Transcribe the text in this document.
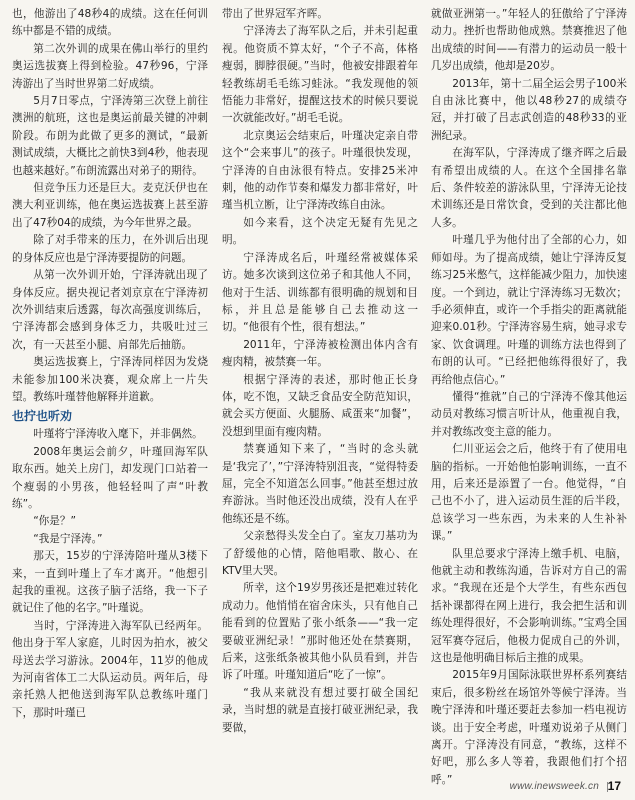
也，他游出了48秒4的成绩。这在任何训练中都是不错的成绩。

第二次外训的成果在佛山举行的里约奥运选拔赛上得到检验。47秒96，宁泽涛游出了当时世界第二好成绩。

5月7日零点，宁泽涛第三次登上前往澳洲的航班，这也是奥运前最关键的冲刺阶段。布朗为此做了更多的测试，“最新测试成绩，大概比之前快3到4秒，他表现也越来越好。”布朗流露出对弟子的期待。

但竞争压力还是巨大。麦克沃伊也在澳大利亚训练，他在奥运选拔赛上甚至游出了47秒04的成绩，为今年世界之最。

除了对手带来的压力，在外训后出现的身体反应也是宁泽涛要提防的问题。

从第一次外训开始，宁泽涛就出现了身体反应。据央视记者刘京京在宁泽涛初次外训结束后透露，每次高强度训练后，宁泽涛都会感到身体乏力，共吸吐过三次，有一天甚至小腿、肩部先后抽筋。

奥运选拔赛上，宁泽涛同样因为发烧未能参加100米决赛，观众席上一片失望。教练叶瑾替他解释并道歉。

也拧也听劝

叶瑾将宁泽涛收入麾下，并非偶然。

2008年奥运会前夕，叶瑾回海军队取东西。她关上房门，却发现门口站着一个瘦弱的小男孩，他轻轻叫了声“叶教练”。

“你是？”

“我是宁泽涛。”

那天，15岁的宁泽涛陪叶瑾从3楼下来，一直到叶瑾上了车才离开。“他想引起我的重视。这孩子脑子活络，我一下子就记住了他的名字。”叶瑾说。

当时，宁泽涛进入海军队已经两年。他出身于军人家庭，儿时因为拍水，被父母送去学习游泳。2004年，11岁的他成为河南省体工二大队运动员。两年后，母亲托熟人把他送到海军队总教练叶瑾门下，那时叶瑾已

带出了世界冠军齐晖。

宁泽涛去了海军队之后，并未引起重视。他资质不算太好，“个子不高，体格瘦弱，脚脖很硬。”当时，他被安排跟着年轻教练胡毛毛练习蛙泳。“我发现他的领悟能力非常好，提醒这技术的时候只要说一次就能改好。”胡毛毛说。

北京奥运会结束后，叶瑾决定亲自带这个“会来事儿”的孩子。叶瑾很快发现，宁泽涛的自由泳很有特点。安排25米冲刺，他的动作节奏和爆发力都非常好，叶瑾当机立断，让宁泽涛改练自由泳。

如今来看，这个决定无疑有先见之明。

宁泽涛成名后，叶瑾经常被媒体采访。她多次谈到这位弟子和其他人不同，他对于生活、训练都有很明确的规划和目标，并且总是能够自己去推动这一切。“他很有个性，很有想法。”

2011年，宁泽涛被检测出体内含有瘦肉精，被禁赛一年。

根据宁泽涛的表述，那时他正长身体，吃不饱，又缺乏食品安全防范知识，就会买方便面、火腿肠、咸蛋来“加餐”，没想到里面有瘦肉精。

禁赛通知下来了，“当时的念头就是‘我完了’，”宁泽涛特别沮丧，“觉得特委屈，完全不知道怎么回事。”他甚至想过放弃游泳。当时他还没出成绩，没有人在乎他练还是不练。

父亲愁得头发全白了。室友刀基功为了舒缓他的心情，陪他唱歌、散心、在KTV里大哭。

所幸，这个19岁男孩还是把难过转化成动力。他悄悄在宿舍床头，只有他自己能看到的位置贴了张小纸条——“我一定要破亚洲纪录！”那时他还处在禁赛期，后来，这张纸条被其他小队员看到，并告诉了叶瑾。叶瑾知道后“吃了一惊”。

“我从来就没有想过要打破全国纪录，当时想的就是直接打破亚洲纪录，我要做，

就做亚洲第一。”年轻人的狂傲给了宁泽涛动力。挫折也帮助他成熟。禁赛推迟了他出成绩的时间——有潜力的运动员一般十几岁出成绩，他却是20岁。

2013年，第十二届全运会男子100米自由泳比赛中，他以48秒27的成绩夺冠，并打破了吕志武创造的48秒33的亚洲纪录。

在海军队，宁泽涛成了继齐晖之后最有希望出成绩的人。在这个全国排名靠后、条件较差的游泳队里，宁泽涛无论技术训练还是日常饮食，受到的关注都比他人多。

叶瑾几乎为他付出了全部的心力，如师如母。为了提高成绩，她让宁泽涛反复练习25米憋气，这样能减少阻力，加快速度。一个到边，就让宁泽涛练习无数次；手必须伸直，或许一个手指尖的距离就能迎来0.01秒。宁泽涛容易生病，她寻求专家、饮食调理。叶瑾的训练方法也得到了布朗的认可。“已经把他练得很好了，我再给他点信心。”

懂得“推就”自己的宁泽涛不像其他运动员对教练习惯言听计从，他重视自我，并对教练改变主意的能力。

仁川亚运会之后，他终于有了使用电脑的指标。一开始他怕影响训练，一直不用，后来还是添置了一台。他觉得，“自己也不小了，进入运动员生涯的后半段，总该学习一些东西，为未来的人生补补课。”

队里总要求宁泽涛上缴手机、电脑，他就主动和教练沟通，告诉对方自己的需求。“我现在还是个大学生，有些东西包括补课都得在网上进行，我会把生活和训练处理得很好，不会影响训练。”宝鸡全国冠军赛夺冠后，他极力促成自己的外训，这也是他明确目标后主推的成果。

2015年9月国际泳联世界杯系列赛结束后，很多粉丝在场馆外等候宁泽涛。当晚宁泽涛和叶瑾还要赶去参加一档电视访谈。出于安全考虑，叶瑾劝说弟子从侧门离开。宁泽涛没有同意，“教练，这样不好吧，那么多人等着，我跟他们打个招呼。”

www.inewsweek.cn 17
